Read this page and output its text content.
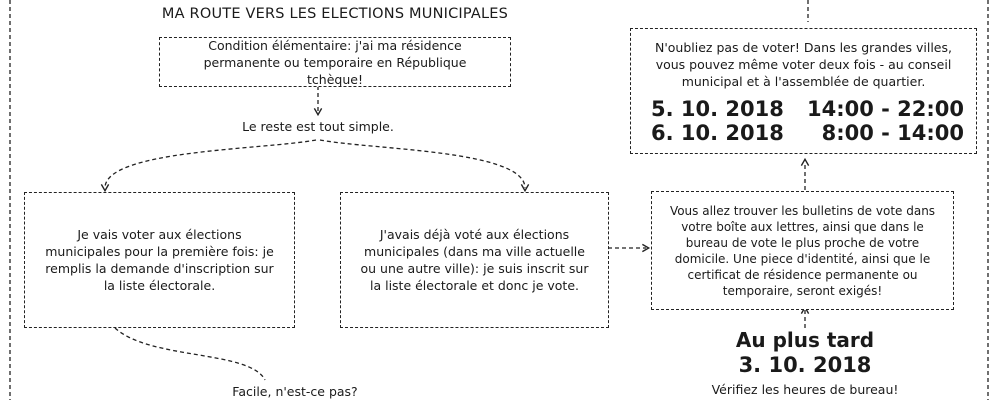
MA ROUTE VERS LES ELECTIONS MUNICIPALES
Condition élémentaire: j'ai ma résidence permanente ou temporaire en République tchèque!
Le reste est tout simple.
Je vais voter aux élections municipales pour la première fois: je remplis la demande d'inscription sur la liste électorale.
J'avais déjà voté aux élections municipales (dans ma ville actuelle ou une autre ville): je suis inscrit sur la liste électorale et donc je vote.
Facile, n'est-ce pas?
Vous allez trouver les bulletins de vote dans votre boîte aux lettres, ainsi que dans le bureau de vote le plus proche de votre domicile. Une piece d'identité, ainsi que le certificat de résidence permanente ou temporaire, seront exigés!
N'oubliez pas de voter! Dans les grandes villes, vous pouvez même voter deux fois - au conseil municipal et à l'assemblée de quartier.
5. 10. 2018 14:00 - 22:00
6. 10. 2018 8:00 - 14:00
Au plus tard
3. 10. 2018
Vérifiez les heures de bureau!
